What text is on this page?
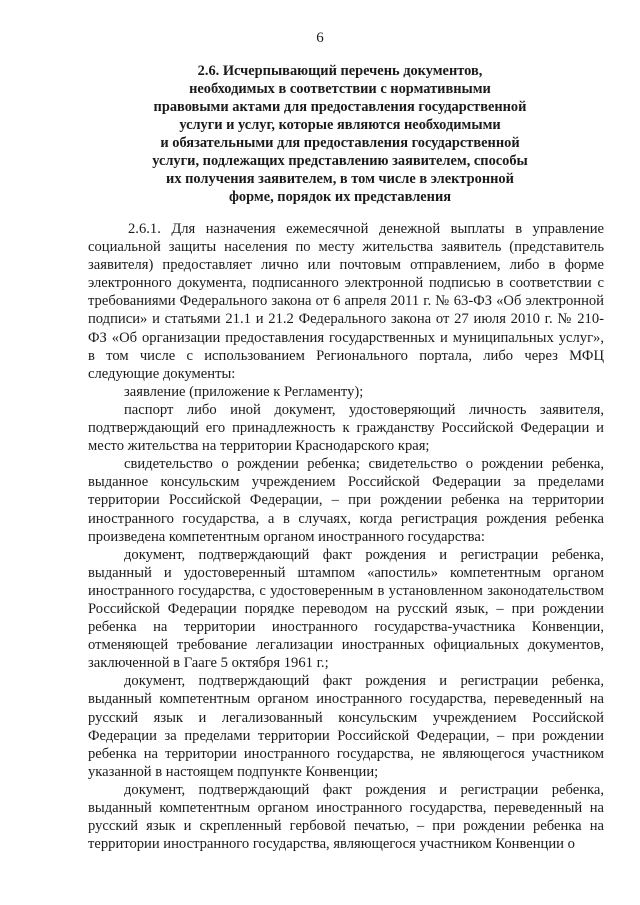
6
2.6. Исчерпывающий перечень документов,
необходимых в соответствии с нормативными
правовыми актами для предоставления государственной
услуги и услуг, которые являются необходимыми
и обязательными для предоставления государственной
услуги, подлежащих представлению заявителем, способы
их получения заявителем, в том числе в электронной
форме, порядок их представления

2.6.1. Для назначения ежемесячной денежной выплаты в управление социальной защиты населения по месту жительства заявитель (представитель заявителя) предоставляет лично или почтовым отправлением, либо в форме электронного документа, подписанного электронной подписью в соответствии с требованиями Федерального закона от 6 апреля 2011 г. № 63-ФЗ «Об электронной подписи» и статьями 21.1 и 21.2 Федерального закона от 27 июля 2010 г. № 210-ФЗ «Об организации предоставления государственных и муниципальных услуг», в том числе с использованием Регионального портала, либо через МФЦ следующие документы:

заявление (приложение к Регламенту);

паспорт либо иной документ, удостоверяющий личность заявителя, подтверждающий его принадлежность к гражданству Российской Федерации и место жительства на территории Краснодарского края;

свидетельство о рождении ребенка; свидетельство о рождении ребенка, выданное консульским учреждением Российской Федерации за пределами территории Российской Федерации, – при рождении ребенка на территории иностранного государства, а в случаях, когда регистрация рождения ребенка произведена компетентным органом иностранного государства:

документ, подтверждающий факт рождения и регистрации ребенка, выданный и удостоверенный штампом «апостиль» компетентным органом иностранного государства, с удостоверенным в установленном законодательством Российской Федерации порядке переводом на русский язык, – при рождении ребенка на территории иностранного государства-участника Конвенции, отменяющей требование легализации иностранных официальных документов, заключенной в Гааге 5 октября 1961 г.;

документ, подтверждающий факт рождения и регистрации ребенка, выданный компетентным органом иностранного государства, переведенный на русский язык и легализованный консульским учреждением Российской Федерации за пределами территории Российской Федерации, – при рождении ребенка на территории иностранного государства, не являющегося участником указанной в настоящем подпункте Конвенции;

документ, подтверждающий факт рождения и регистрации ребенка, выданный компетентным органом иностранного государства, переведенный на русский язык и скрепленный гербовой печатью, – при рождении ребенка на территории иностранного государства, являющегося участником Конвенции о
